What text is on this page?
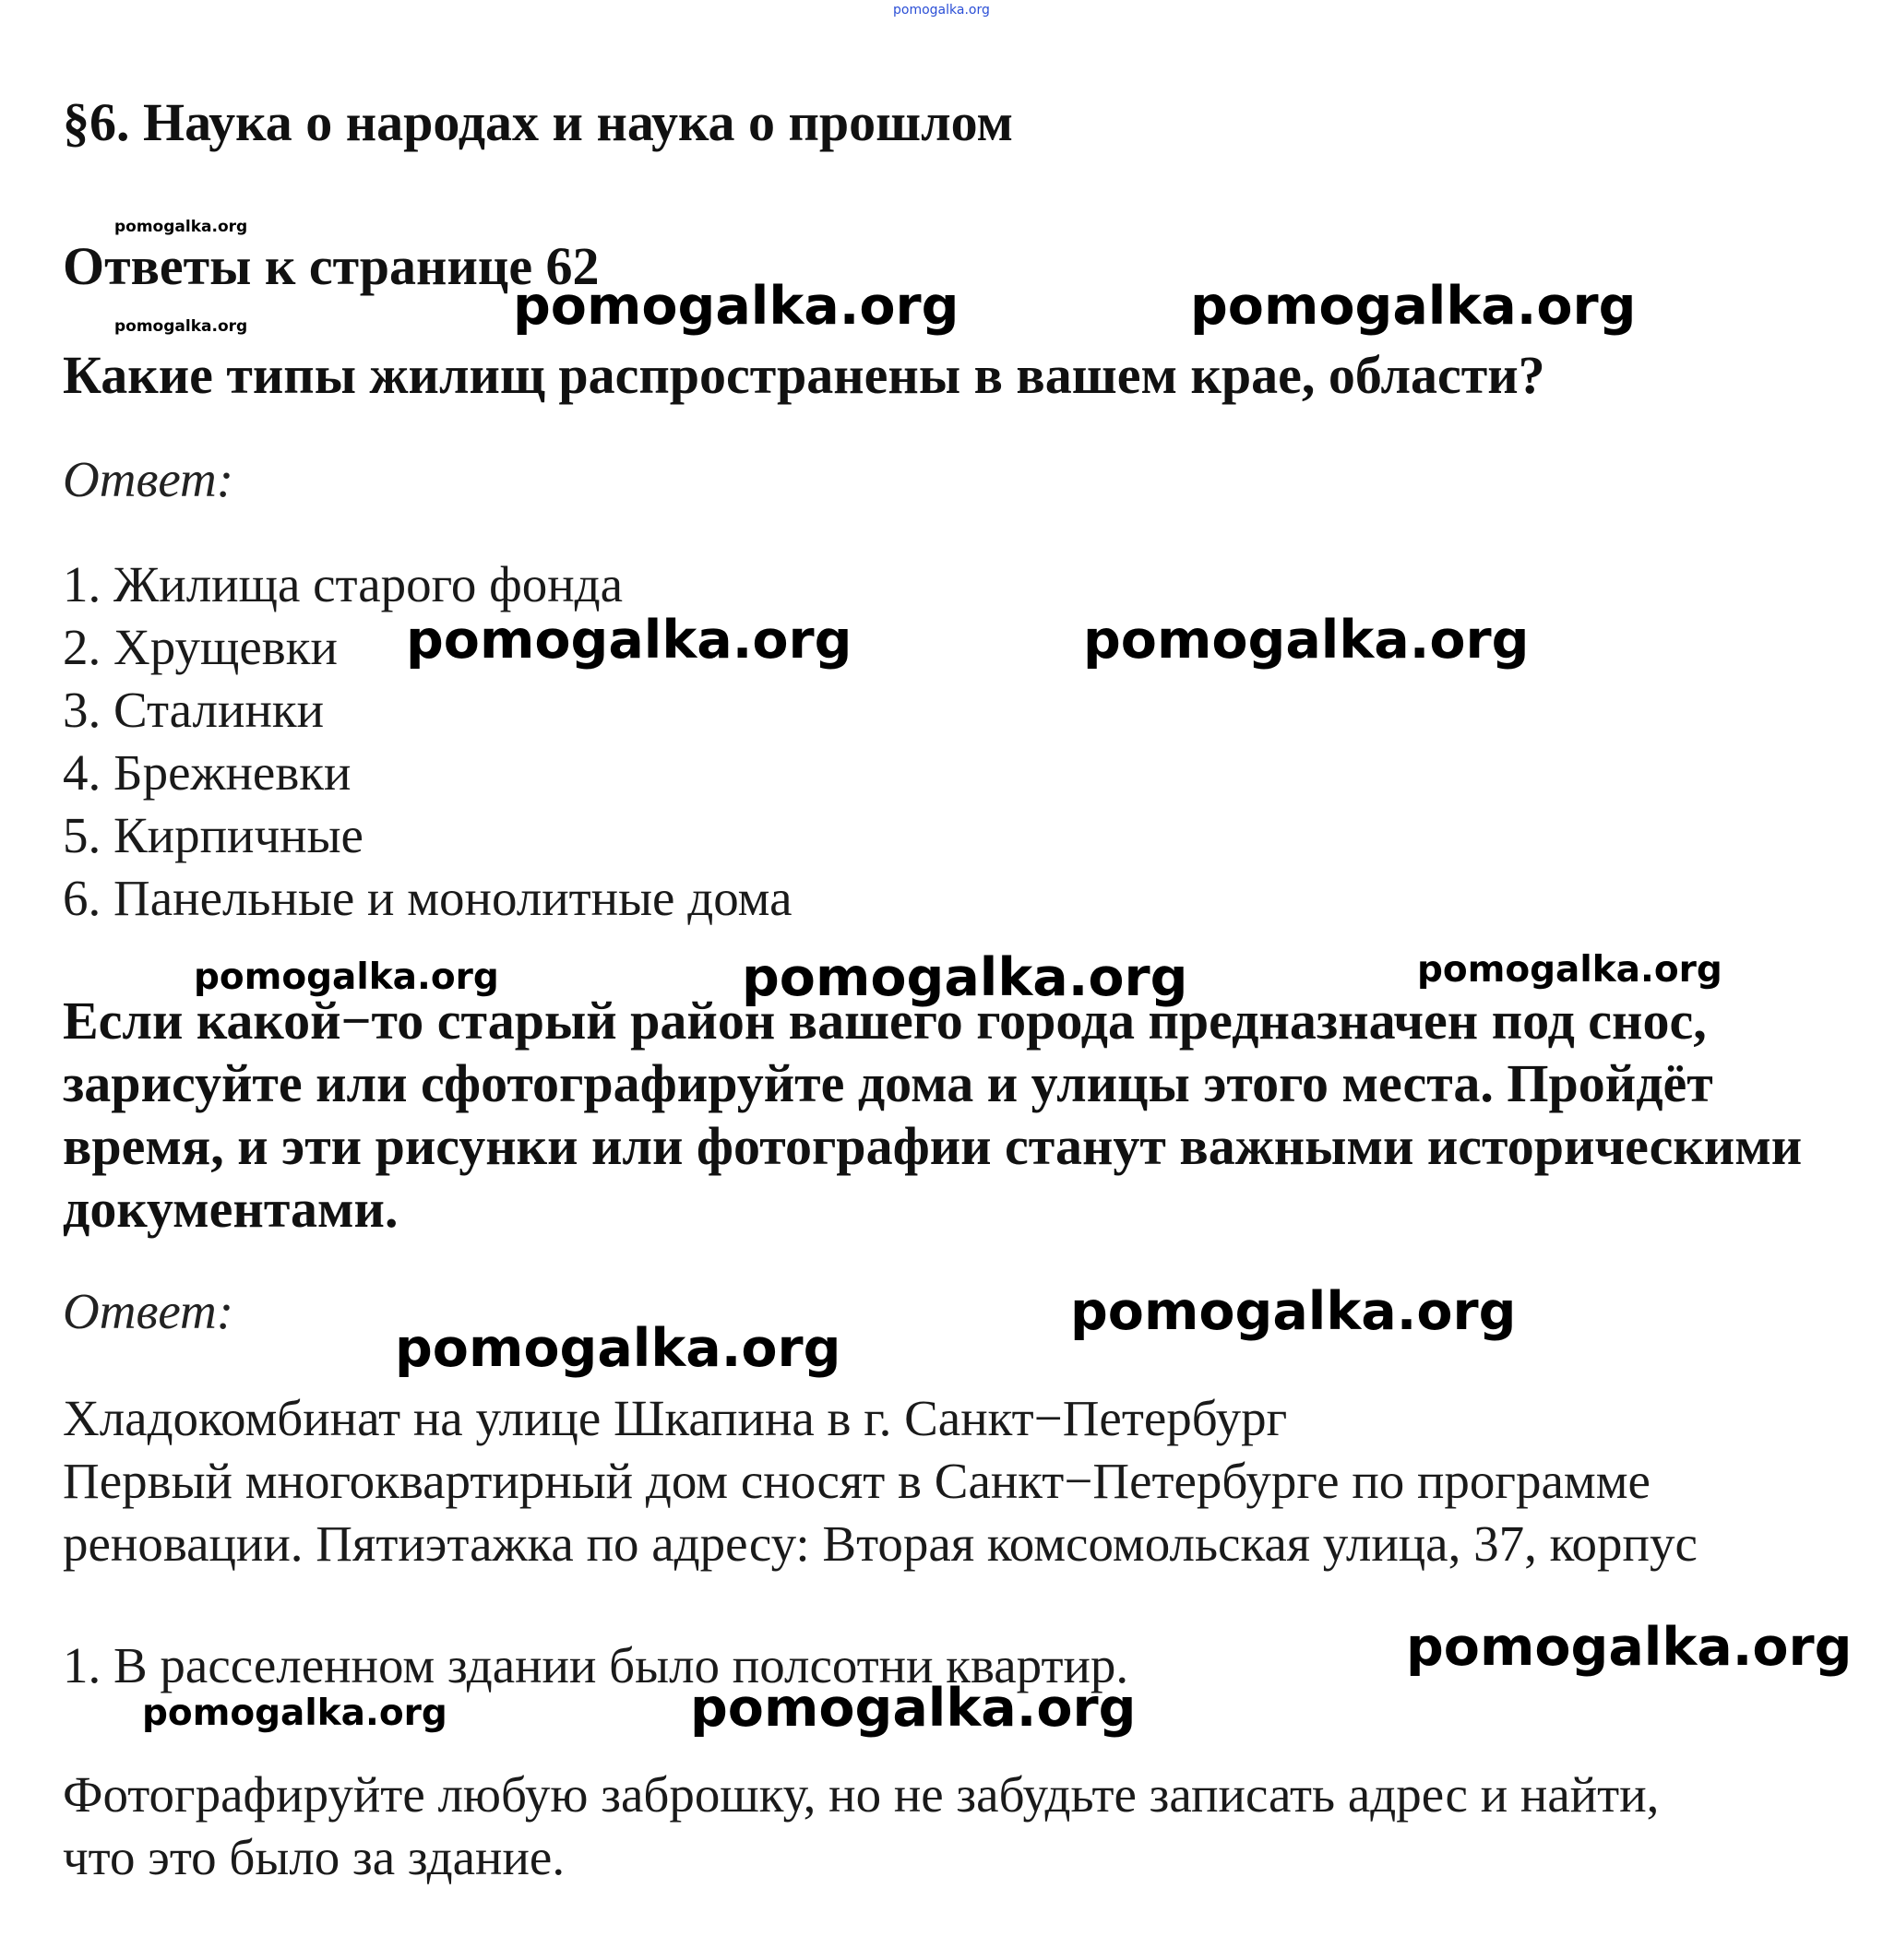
pomogalka.org
§6. Наука о народах и наука о прошлом
pomogalka.org
pomogalka.org
Ответы к странице 62
pomogalka.org	pomogalka.org
Какие типы жилищ распространены в вашем крае, области?
Ответ:
1. Жилища старого фонда
2. Хрущевки
3. Сталинки
4. Брежневки
5. Кирпичные
6. Панельные и монолитные дома
pomogalka.org	pomogalka.org
pomogalka.org	pomogalka.org	pomogalka.org
Если какой−то старый район вашего города предназначен под снос,
зарисуйте или сфотографируйте дома и улицы этого места. Пройдёт
время, и эти рисунки или фотографии станут важными историческими
документами.
Ответ:	pomogalka.org
pomogalka.org
Хладокомбинат на улице Шкапина в г. Санкт−Петербург
Первый многоквартирный дом сносят в Санкт−Петербурге по программе
реновации. Пятиэтажка по адресу: Вторая комсомольская улица, 37, корпус
pomogalka.org
1. В расселенном здании было полсотни квартир.
pomogalka.org	pomogalka.org
Фотографируйте любую заброшку, но не забудьте записать адрес и найти,
что это было за здание.
